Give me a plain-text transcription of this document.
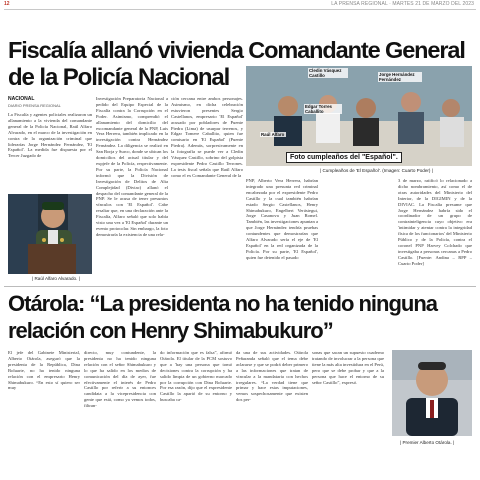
12	LA PRENSA REGIONAL · MARTES 21 DE MARZO DEL 2023
Fiscalía allanó vivienda Comandante General
de la Policía Nacional
NACIONAL
DIARIO PRENSA REGIONAL
La Fiscalía y agentes policiales realizaron un allanamiento a la vivienda del comandante general de la Policía Nacional, Raúl Alfaro Alvarado, en el marco de la investigación en contra de la organización criminal que liderarías Jorge Hernández Fernández, 'El Español'. La medida fue dispuesta por el Tercer Juzgado de
| Raúl Alfaro Alvarado. |
Investigación Preparatoria Nacional a pedido del Equipo Especial de la Fiscalía contra la Corrupción en el Poder. Asimismo, comprendió el allanamiento del domicilio del excomandante general de la PNP, Luis Vera Herrera, también implicado en la investigación contra Hernández Fernández. La diligencia se realizó en San Borja y Surco, donde se ubican los domicilios del actual titular y del expjefe de la Policía, respectivamente. Por su parte, la Policía Nacional informó que la División de Investigación de Delitos de Alta Complejidad (Diviac) allanó el despacho del comandante general de la PNP. Se le acusa de tener presuntos vínculos con 'El Español'. Cabe resaltar que, en una declaración ante la Fiscalía, Alfaro señaló que solo había visto una vez a 'El Español' durante un evento protocolar. Sin embargo, la foto demostraría la existencia de una rela-
ción cercana entre ambos personajes. Asimismo, en dicha celebración estuvieron presentes Sergio Castellanos, empresario 'El Español' acusado por pobladores de Puente Piedra (Lima) de usurpar terrenos, y Edgar Tomere Caballito, quien fue comisario en 'El Español' (Puente Piedra). Además, sorpresivamente en la fotografía se puede ver a Cledin Vásquez Castillo, sobrino del golpista expresidente Pedro Castillo Terrones. La tesis fiscal señala que Raúl Alfaro como el ex Comandante General de la
Cledin Vásquez Castillo	Jorge Hernández Fernández
Edgar Torres Caballito
Raúl Alfaro
Foto cumpleaños del "Español".
| Cumpleaños de 'El Español'. (Imagen: Cuarto Poder) |
PNP, Alberto Vera Herrera, habrían integrado una presunta red criminal encabezada por el expresidente Pedro Castillo y la cual también habrían estado Sergio Castellanos, Henry Shimabukuro, Engelbert Verástegui, Jorge Casanova y Juan Romel. También, las investigaciones apuntan a que Jorge Hernández tendría pruebas contundentes que demostrarían que Alfaro Alvarado sería el eje de 'El Español' en la red organizada de la Policía. Por su parte, 'El Español', quien fue detenido el pasado
3 de marzo, ratificó lo relacionado a dicho nombramiento, así como el de otras autoridades del Ministerio del Interior, de la DIGIMIN y de la DIVIAC. La Fiscalía presume que Jorge Hernández habría sido el coordinador de un grupo de contrainteligencia cuyo objetivo era 'intimidar y atentar contra la integridad física de los funcionarios' del Ministerio Público y de la Policía, contra el coronel PNP Harvey Colchado que investigaba a personas cercanas a Pedro Castillo. [Fuente: Andina – RPP – Cuarto Poder]
Otárola: “La presidenta no ha tenido ninguna
relación con Henry Shimabukuro”
El jefe del Gabinete Ministerial, Alberto Otárola, aseguró que la presidenta de la República, Dina Boluarte, no ha tenido ninguna relación con el empresario Henry Shimabukuro. “En esto sí quiero ser muy
directo, muy contundente, la presidenta no ha tenido ninguna relación con el señor Shimabukuro y lo que ha salido en los medios de comunicación del día de ayer, fue efectivamente el interés de Pedro Castillo por referir a su entonces candidata a la vicepresidencia con gente que está, como ya vemos todos, filtran-
do información que es falsa”, afirmó Otárola. El titular de la PCM sostuvo que a 'hay una persona que tomó decisiones contra la corrupción y ha salido limpia de un gobierno marcado por la corrupción con Dina Boluarte. Por esa razón, dijo que el expresidente Castillo la apartó de su entorno y buscaba ca-
da una de sus actividades. Otárola Peñaranda señaló que el tema debe aclararse y que se podrá deber primero a las informaciones que tratan de vincular a la mandataria con hechos irregulares. “La verdad tiene que primar y hace estas imputaciones, vemos sospechosamente que existen dos per-
sonas que sacan un supuesto cuaderno tratando de involucrar a la persona que tiene la más alta investidura en el Perú, pero que se debe probar y que a la persona que hace el entorno de su señor Castillo”, expresó.
| Premier Alberto Otárola. |
